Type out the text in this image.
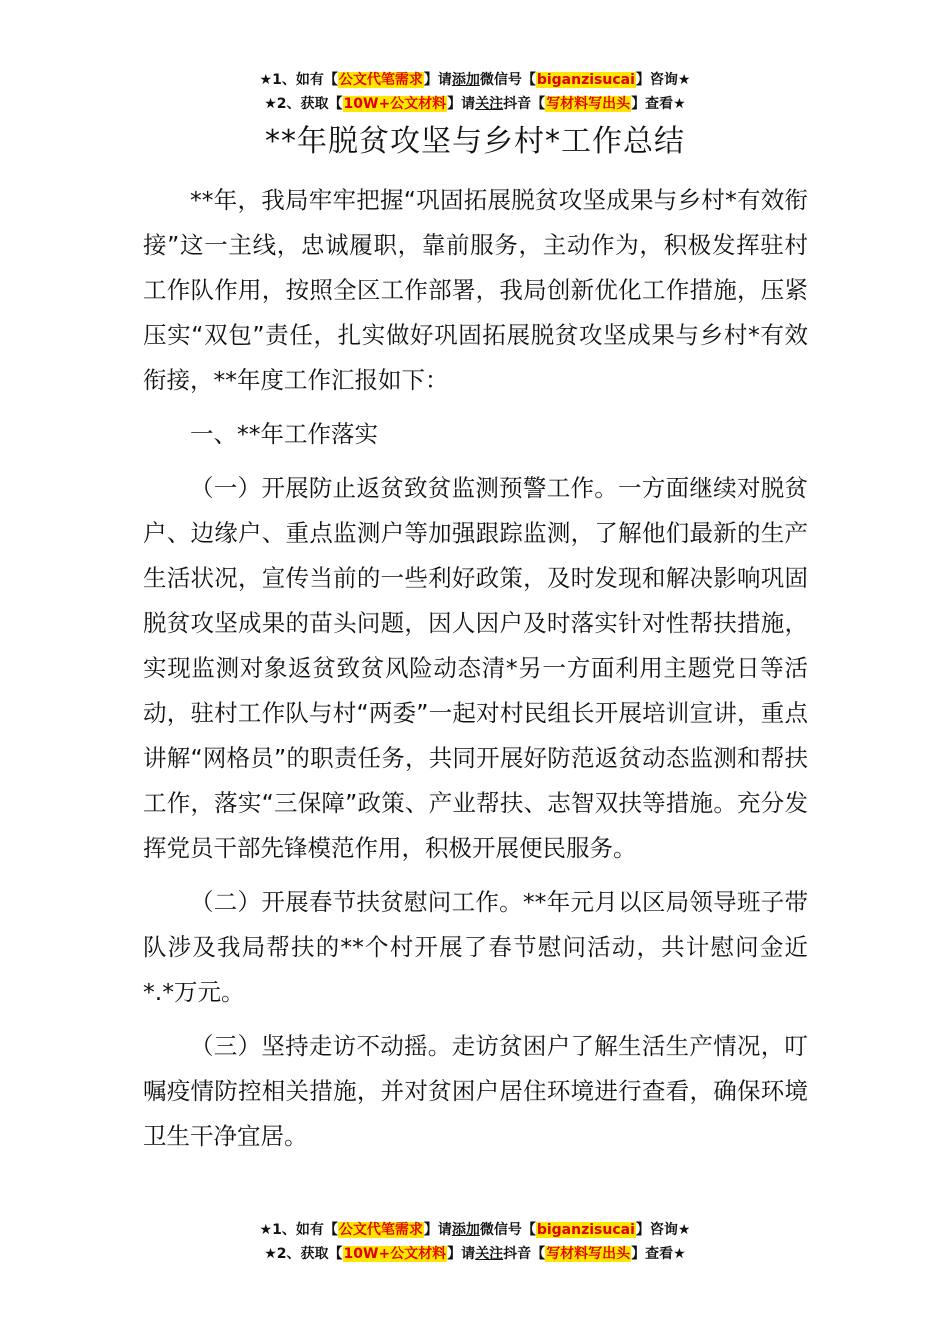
★1、如有【公文代笔需求】请添加微信号【biganzisucai】咨询★
★2、获取【10W+公文材料】请关注抖音【写材料写出头】查看★
**年脱贫攻坚与乡村*工作总结

**年，我局牢牢把握“巩固拓展脱贫攻坚成果与乡村*有效衔接”这一主线，忠诚履职，靠前服务，主动作为，积极发挥驻村工作队作用，按照全区工作部署，我局创新优化工作措施，压紧压实“双包”责任，扎实做好巩固拓展脱贫攻坚成果与乡村*有效衔接，**年度工作汇报如下：

一、**年工作落实

（一）开展防止返贫致贫监测预警工作。一方面继续对脱贫户、边缘户、重点监测户等加强跟踪监测，了解他们最新的生产生活状况，宣传当前的一些利好政策，及时发现和解决影响巩固脱贫攻坚成果的苗头问题，因人因户及时落实针对性帮扶措施，实现监测对象返贫致贫风险动态清*另一方面利用主题党日等活动，驻村工作队与村“两委”一起对村民组长开展培训宣讲，重点讲解“网格员”的职责任务，共同开展好防范返贫动态监测和帮扶工作，落实“三保障”政策、产业帮扶、志智双扶等措施。充分发挥党员干部先锋模范作用，积极开展便民服务。

（二）开展春节扶贫慰问工作。**年元月以区局领导班子带队涉及我局帮扶的**个村开展了春节慰问活动，共计慰问金近*.*万元。

（三）坚持走访不动摇。走访贫困户了解生活生产情况，叮嘱疫情防控相关措施，并对贫困户居住环境进行查看，确保环境卫生干净宜居。

★1、如有【公文代笔需求】请添加微信号【biganzisucai】咨询★
★2、获取【10W+公文材料】请关注抖音【写材料写出头】查看★
